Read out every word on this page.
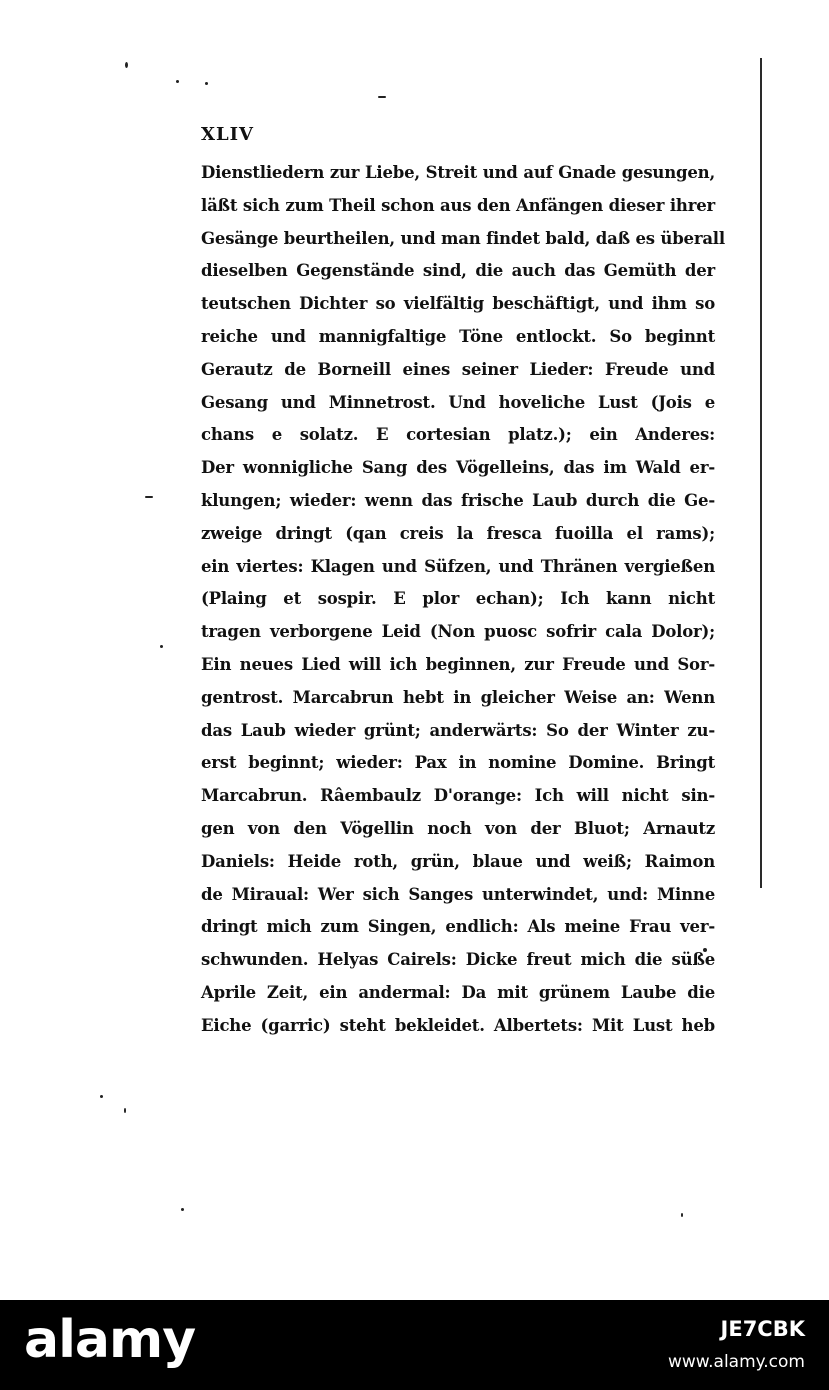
XLIV
Dienstliedern zur Liebe, Streit und auf Gnade gesungen,
läßt sich zum Theil schon aus den Anfängen dieser ihrer
Gesänge beurtheilen, und man findet bald, daß es überall
dieselben Gegenstände sind, die auch das Gemüth der
teutschen Dichter so vielfältig beschäftigt, und ihm so
reiche und mannigfaltige Töne entlockt. So beginnt
Gerautz de Borneill eines seiner Lieder: Freude und
Gesang und Minnetrost. Und hoveliche Lust (Jois e
chans e solatz. E cortesian platz.); ein Anderes:
Der wonnigliche Sang des Vögelleins, das im Wald er-
klungen; wieder: wenn das frische Laub durch die Ge-
zweige dringt (qan creis la fresca fuoilla el rams);
ein viertes: Klagen und Süfzen, und Thränen vergießen
(Plaing et sospir. E plor echan); Ich kann nicht
tragen verborgene Leid (Non puosc sofrir cala Dolor);
Ein neues Lied will ich beginnen, zur Freude und Sor-
gentrost. Marcabrun hebt in gleicher Weise an: Wenn
das Laub wieder grünt; anderwärts: So der Winter zu-
erst beginnt; wieder: Pax in nomine Domine. Bringt
Marcabrun. Râembaulz D'orange: Ich will nicht sin-
gen von den Vögellin noch von der Bluot; Arnautz
Daniels: Heide roth, grün, blaue und weiß; Raimon
de Miraual: Wer sich Sanges unterwindet, und: Minne
dringt mich zum Singen, endlich: Als meine Frau ver-
schwunden. Helyas Cairels: Dicke freut mich die süße
Aprile Zeit, ein andermal: Da mit grünem Laube die
Eiche (garric) steht bekleidet. Albertets: Mit Lust heb
alamy	JE7CBK
www.alamy.com
